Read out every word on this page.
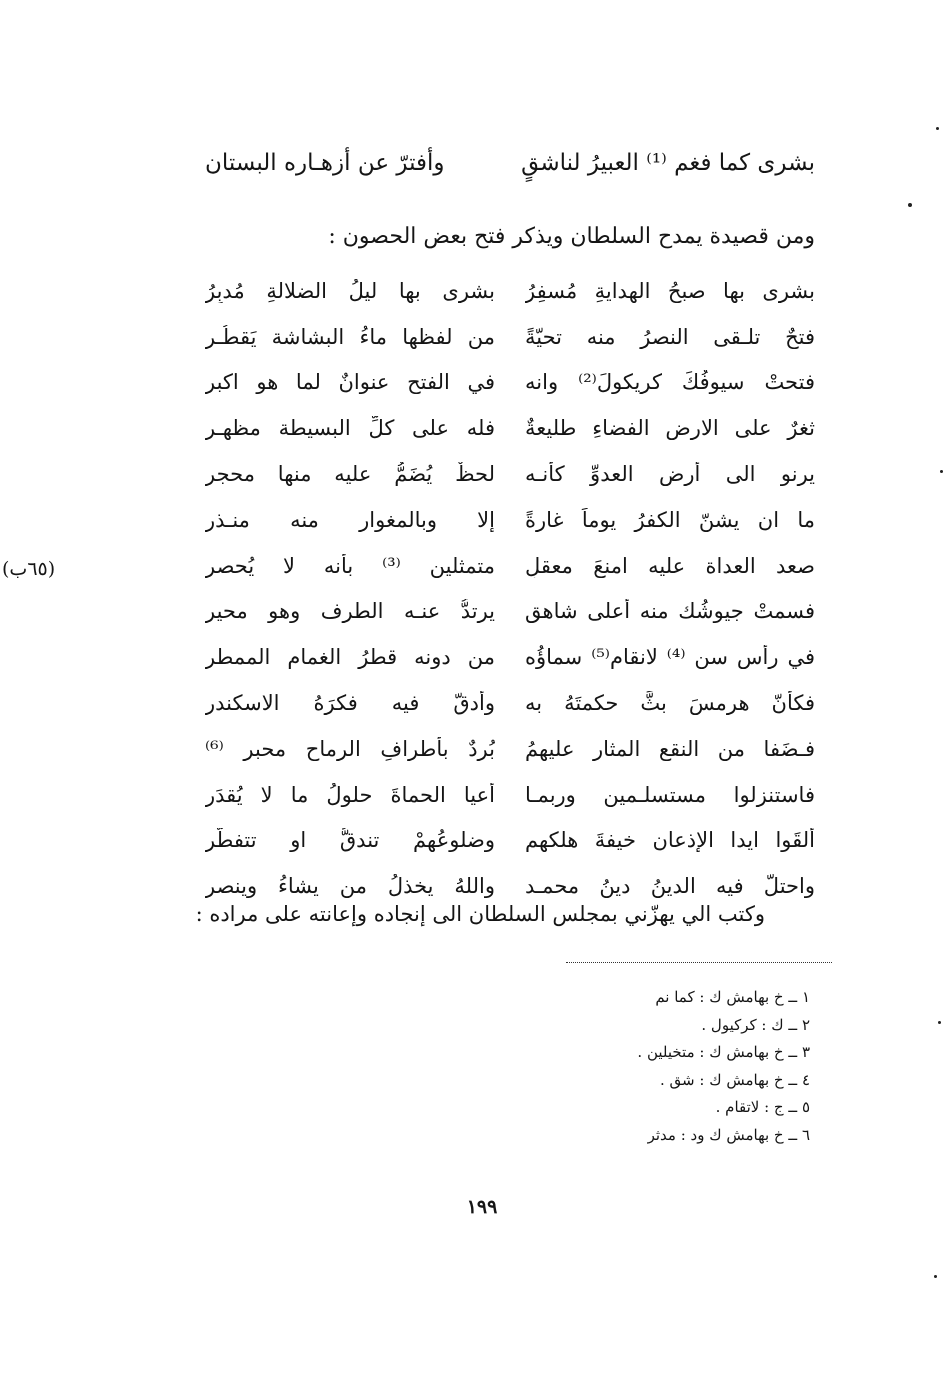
بشرى كما فغم ⁽¹⁾ العبيرُ لناشقٍ
وأفترّ عن أزهـاره البستان
ومن قصيدة يمدح السلطان ويذكر فتح بعض الحصون :
بشرى بها صبحُ الهدايةِ مُسفِرُ
بشرى بها ليلُ الضلالةِ مُدبِرُ
فتحٌ تلـقى النصرُ منه تحيّةً
من لفظها ماءُ البشاشة يَقطُـر
فتحتْ سيوفُكَ كريكولَ⁽²⁾ وانه
في الفتح عنوانٌ لما هو اكبر
ثغرٌ على الارضِ الفضاءِ طليعةٌ
فله على كلِّ البسيطة مظهـر
يرنو الى أرضِ العدوِّ كأنـه
لحظٌ يُضَمُّ عليه منها محجر
ما ان يشنّ الكفرُ يوماً غارةً
إلا وبالمغوار منه منـذر
صعد العداة عليه امنعَ معقلٍ
متمثلين ⁽³⁾ بأنه لا يُحصر
فسمتْ جيوشُك منه أعلى شاهقٍ
يرتدُّ عنـه الطرف وهو محير
في رأس سنٍ ⁽⁴⁾ لانقام⁽⁵⁾ سماؤُه
من دونه قطرُ الغمام الممطر
فكأنّ هرمسَ بثَّ حكمتَهُ به
وأدقّ فيه فكرَهُ الاسكندر
فـضَفا من النقعِ المثار عليهمُ
بُردٌ بأطرافِ الرماح محبر ⁽⁶⁾
فاستنزلوا مستسلـمين وربمـا
أعيا الحماةَ حلولُ ما لا يُقدَر
ألقَوا ايدا الإذعانِ خيفةَ هلكهم
وضلوعُهمْ تندقُّ او تتفطّر
واحتلّ فيه الدينُ دينُ محمـد
واللهُ يخذلُ من يشاءُ وينصر
(٦٥ب)
وكتب الي يهزّني بمجلس السلطان الى إنجاده وإعانته على مراده :
١ ــ خ بهامش ك : كما نم
٢ ــ ك : كركيول .
٣ ــ خ بهامش ك : متخيلين .
٤ ــ خ بهامش ك : شق .
٥ ــ ج : لاتقام .
٦ ــ خ بهامش ك ود : مدثر
١٩٩
